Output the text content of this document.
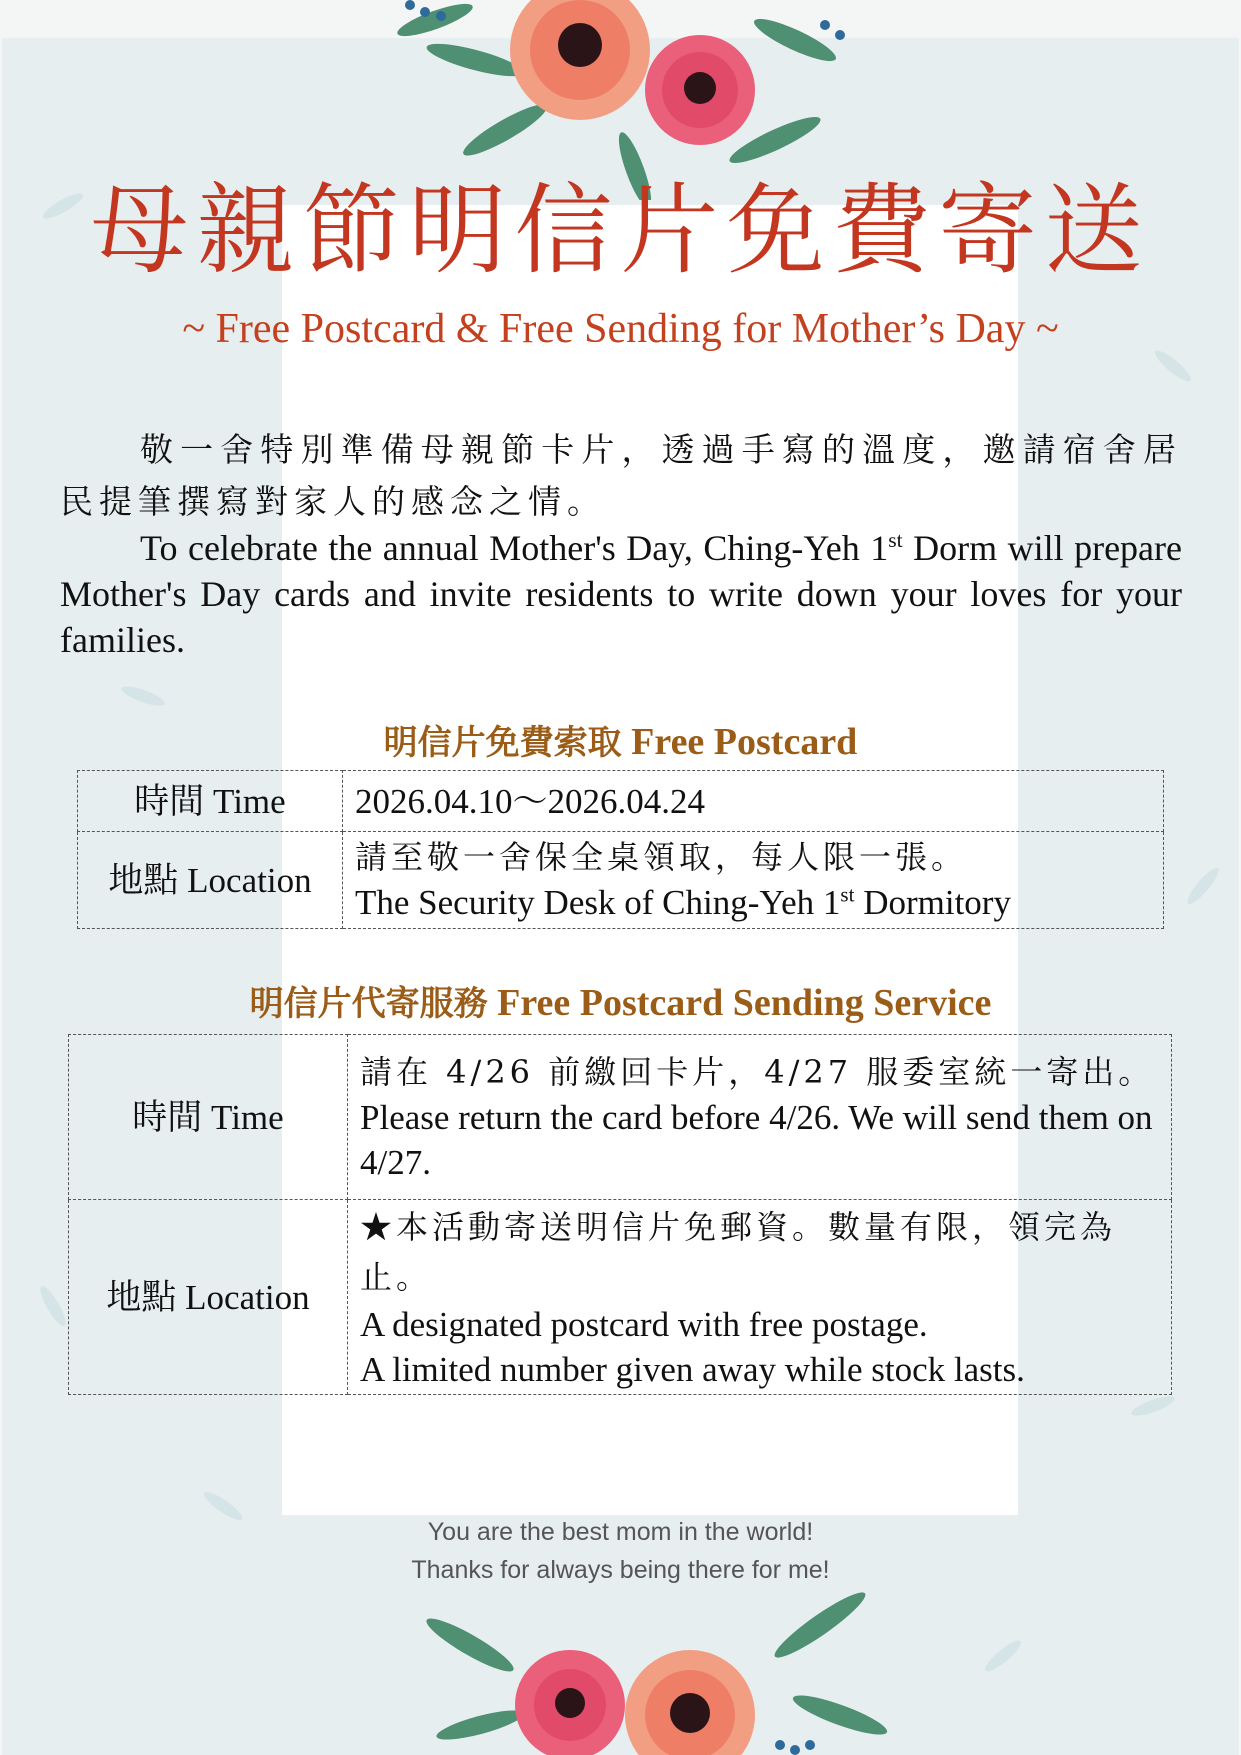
母親節明信片免費寄送
~ Free Postcard & Free Sending for Mother’s Day ~

敬一舍特別準備母親節卡片，透過手寫的溫度，邀請宿舍居民提筆撰寫對家人的感念之情。

To celebrate the annual Mother's Day, Ching-Yeh 1st Dorm will prepare Mother's Day cards and invite residents to write down your loves for your families.

明信片免費索取 Free Postcard
時間 Time	2026.04.10～2026.04.24
地點 Location	請至敬一舍保全桌領取，每人限一張。
The Security Desk of Ching-Yeh 1st Dormitory
明信片代寄服務 Free Postcard Sending Service
時間 Time	請在 4/26 前繳回卡片，4/27 服委室統一寄出。
Please return the card before 4/26. We will send them on 4/27.

地點 Location	★本活動寄送明信片免郵資。數量有限，領完為止。
A designated postcard with free postage.
A limited number given away while stock lasts.
You are the best mom in the world!
Thanks for always being there for me!
